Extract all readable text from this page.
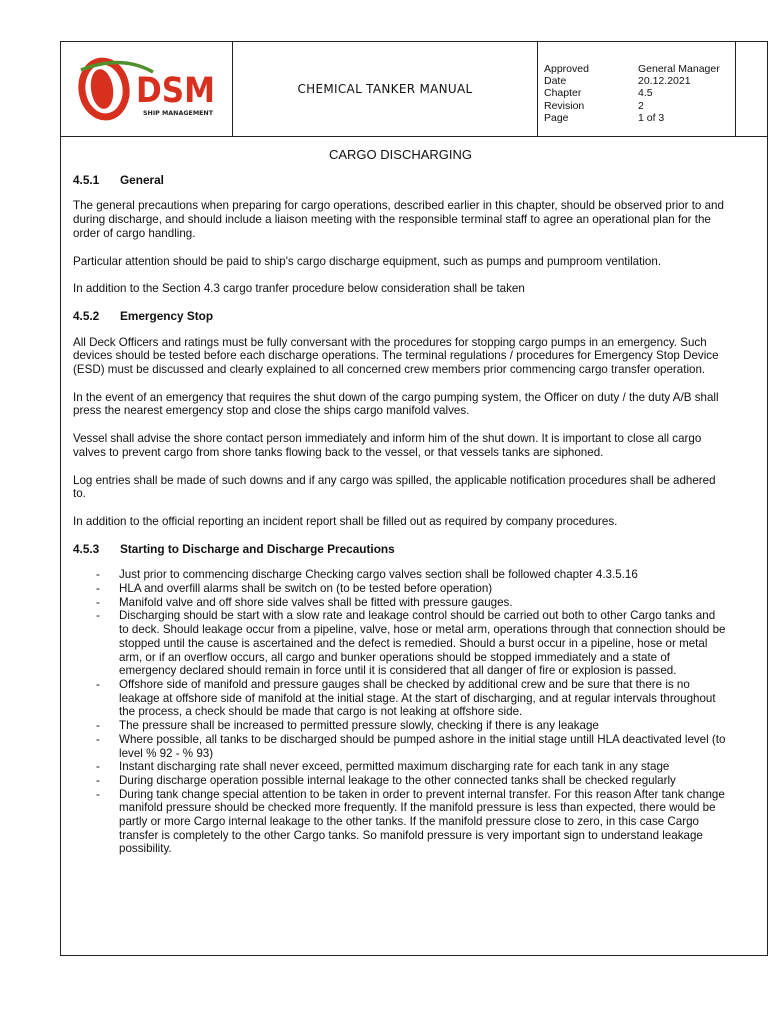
DSM
SHIP MANAGEMENT
CHEMICAL TANKER MANUAL
Approved	General Manager
Date	20.12.2021
Chapter	4.5
Revision	2
Page	1 of 3
CARGO DISCHARGING
4.5.1	General

The general precautions when preparing for cargo operations, described earlier in this chapter, should be observed prior to and during discharge, and should include a liaison meeting with the responsible terminal staff to agree an operational plan for the order of cargo handling.

Particular attention should be paid to ship's cargo discharge equipment, such as pumps and pumproom ventilation.

In addition to the Section 4.3 cargo tranfer procedure below consideration shall be taken

4.5.2	Emergency Stop

All Deck Officers and ratings must be fully conversant with the procedures for stopping cargo pumps in an emergency. Such devices should be tested before each discharge operations. The terminal regulations / procedures for Emergency Stop Device (ESD) must be discussed and clearly explained to all concerned crew members prior commencing cargo transfer operation.

In the event of an emergency that requires the shut down of the cargo pumping system, the Officer on duty / the duty A/B shall press the nearest emergency stop and close the ships cargo manifold valves.

Vessel shall advise the shore contact person immediately and inform him of the shut down. It is important to close all cargo valves to prevent cargo from shore tanks flowing back to the vessel, or that vessels tanks are siphoned.

Log entries shall be made of such downs and if any cargo was spilled, the applicable notification procedures shall be adhered to.

In addition to the official reporting an incident report shall be filled out as required by company procedures.

4.5.3	Starting to Discharge and Discharge Precautions
- Just prior to commencing discharge Checking cargo valves section shall be followed chapter 4.3.5.16
- HLA and overfill alarms shall be switch on (to be tested before operation)
- Manifold valve and off shore side valves shall be fitted with pressure gauges.
- Discharging should be start with a slow rate and leakage control should be carried out both to other Cargo tanks and to deck. Should leakage occur from a pipeline, valve, hose or metal arm, operations through that connection should be stopped until the cause is ascertained and the defect is remedied. Should a burst occur in a pipeline, hose or metal arm, or if an overflow occurs, all cargo and bunker operations should be stopped immediately and a state of emergency declared should remain in force until it is considered that all danger of fire or explosion is passed.
- Offshore side of manifold and pressure gauges shall be checked by additional crew and be sure that there is no leakage at offshore side of manifold at the initial stage. At the start of discharging, and at regular intervals throughout the process, a check should be made that cargo is not leaking at offshore side.
- The pressure shall be increased to permitted pressure slowly, checking if there is any leakage
- Where possible, all tanks to be discharged should be pumped ashore in the initial stage untill HLA deactivated level (to level % 92 - % 93)
- Instant discharging rate shall never exceed, permitted maximum discharging rate for each tank in any stage
- During discharge operation possible internal leakage to the other connected tanks shall be checked regularly
- During tank change special attention to be taken in order to prevent internal transfer. For this reason After tank change manifold pressure should be checked more frequently. If the manifold pressure is less than expected, there would be partly or more Cargo internal leakage to the other tanks. If the manifold pressure close to zero, in this case Cargo transfer is completely to the other Cargo tanks. So manifold pressure is very important sign to understand leakage possibility.
